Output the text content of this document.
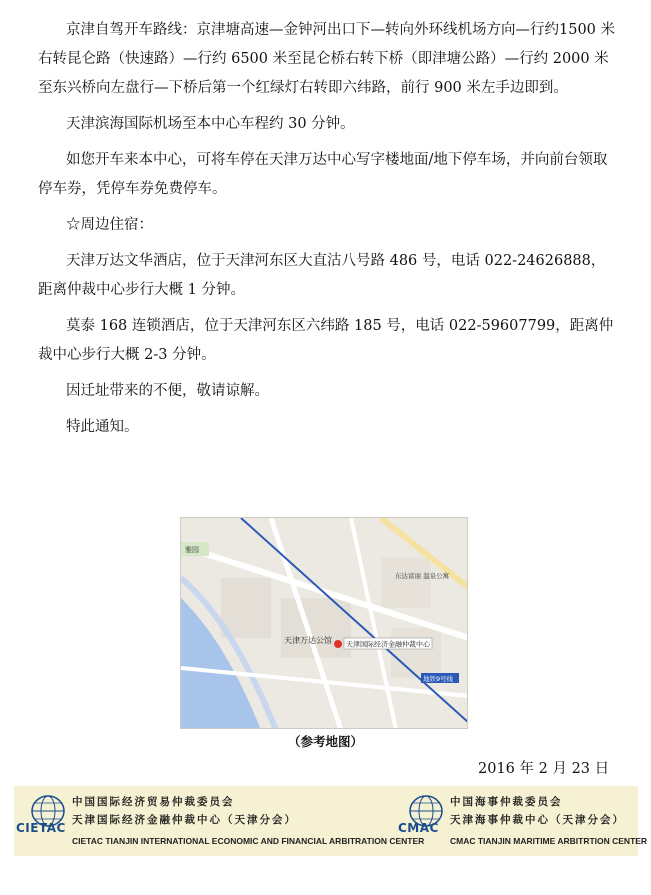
京津自驾开车路线：京津塘高速—金钟河出口下—转向外环线机场方向—行约1500 米右转昆仑路（快速路）—行约 6500 米至昆仑桥右转下桥（即津塘公路）—行约 2000 米至东兴桥向左盘行—下桥后第一个红绿灯右转即六纬路，前行 900 米左手边即到。

天津滨海国际机场至本中心车程约 30 分钟。

如您开车来本中心，可将车停在天津万达中心写字楼地面/地下停车场，并向前台领取停车券，凭停车券免费停车。

☆周边住宿：

天津万达文华酒店，位于天津河东区大直沽八号路 486 号，电话 022-24626888，距离仲裁中心步行大概 1 分钟。

莫泰 168 连锁酒店，位于天津河东区六纬路 185 号，电话 022-59607799，距离仲裁中心步行大概 2-3 分钟。

因迁址带来的不便，敬请谅解。

特此通知。

雅园
天津万达公馆 天津国际经济金融仲裁中心
地铁9号线
东达富丽 温泉公寓
（参考地图）
2016 年 2 月 23 日
CIETAC
中国国际经济贸易仲裁委员会
天津国际经济金融仲裁中心（天津分会）
CIETAC TIANJIN INTERNATIONAL ECONOMIC AND FINANCIAL ARBITRATION CENTER
CMAC
中国海事仲裁委员会
天津海事仲裁中心（天津分会）
CMAC TIANJIN MARITIME ARBITRTION CENTER
